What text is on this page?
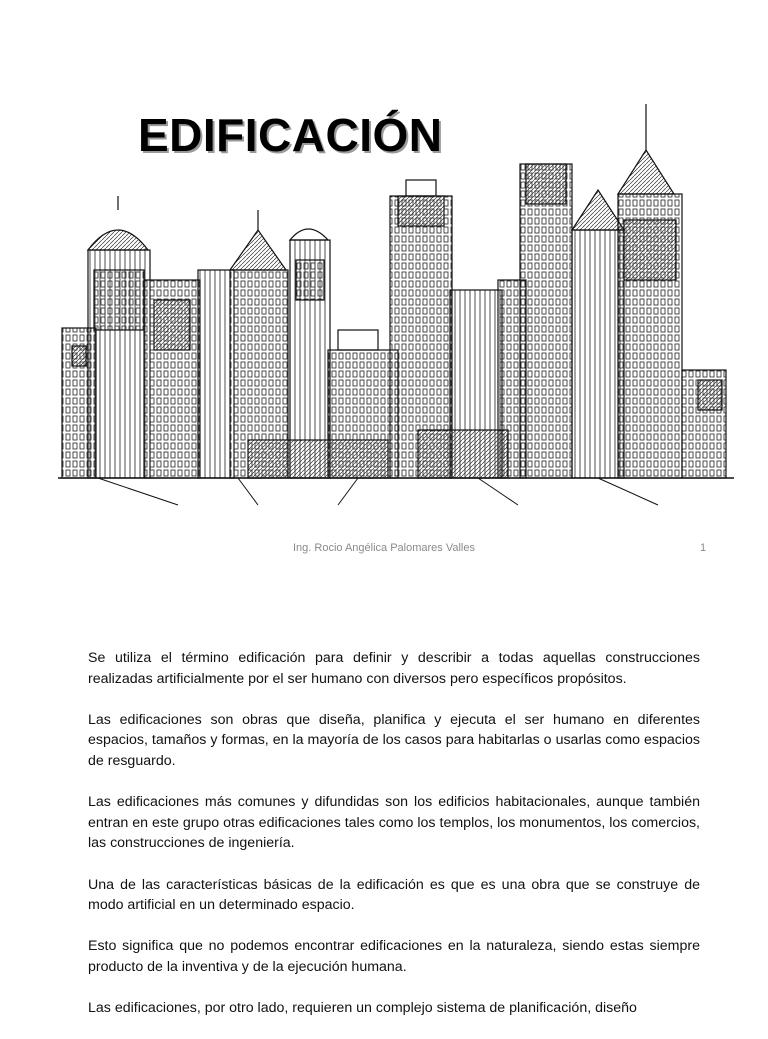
EDIFICACIÓN
Ing. Rocio Angélica Palomares Valles	1

Se utiliza el término edificación para definir y describir a todas aquellas construcciones realizadas artificialmente por el ser humano con diversos pero específicos propósitos.

Las edificaciones son obras que diseña, planifica y ejecuta el ser humano en diferentes espacios, tamaños y formas, en la mayoría de los casos para habitarlas o usarlas como espacios de resguardo.

Las edificaciones más comunes y difundidas son los edificios habitacionales, aunque también entran en este grupo otras edificaciones tales como los templos, los monumentos, los comercios, las construcciones de ingeniería.

Una de las características básicas de la edificación es que es una obra que se construye de modo artificial en un determinado espacio.

Esto significa que no podemos encontrar edificaciones en la naturaleza, siendo estas siempre producto de la inventiva y de la ejecución humana.

Las edificaciones, por otro lado, requieren un complejo sistema de planificación, diseño
